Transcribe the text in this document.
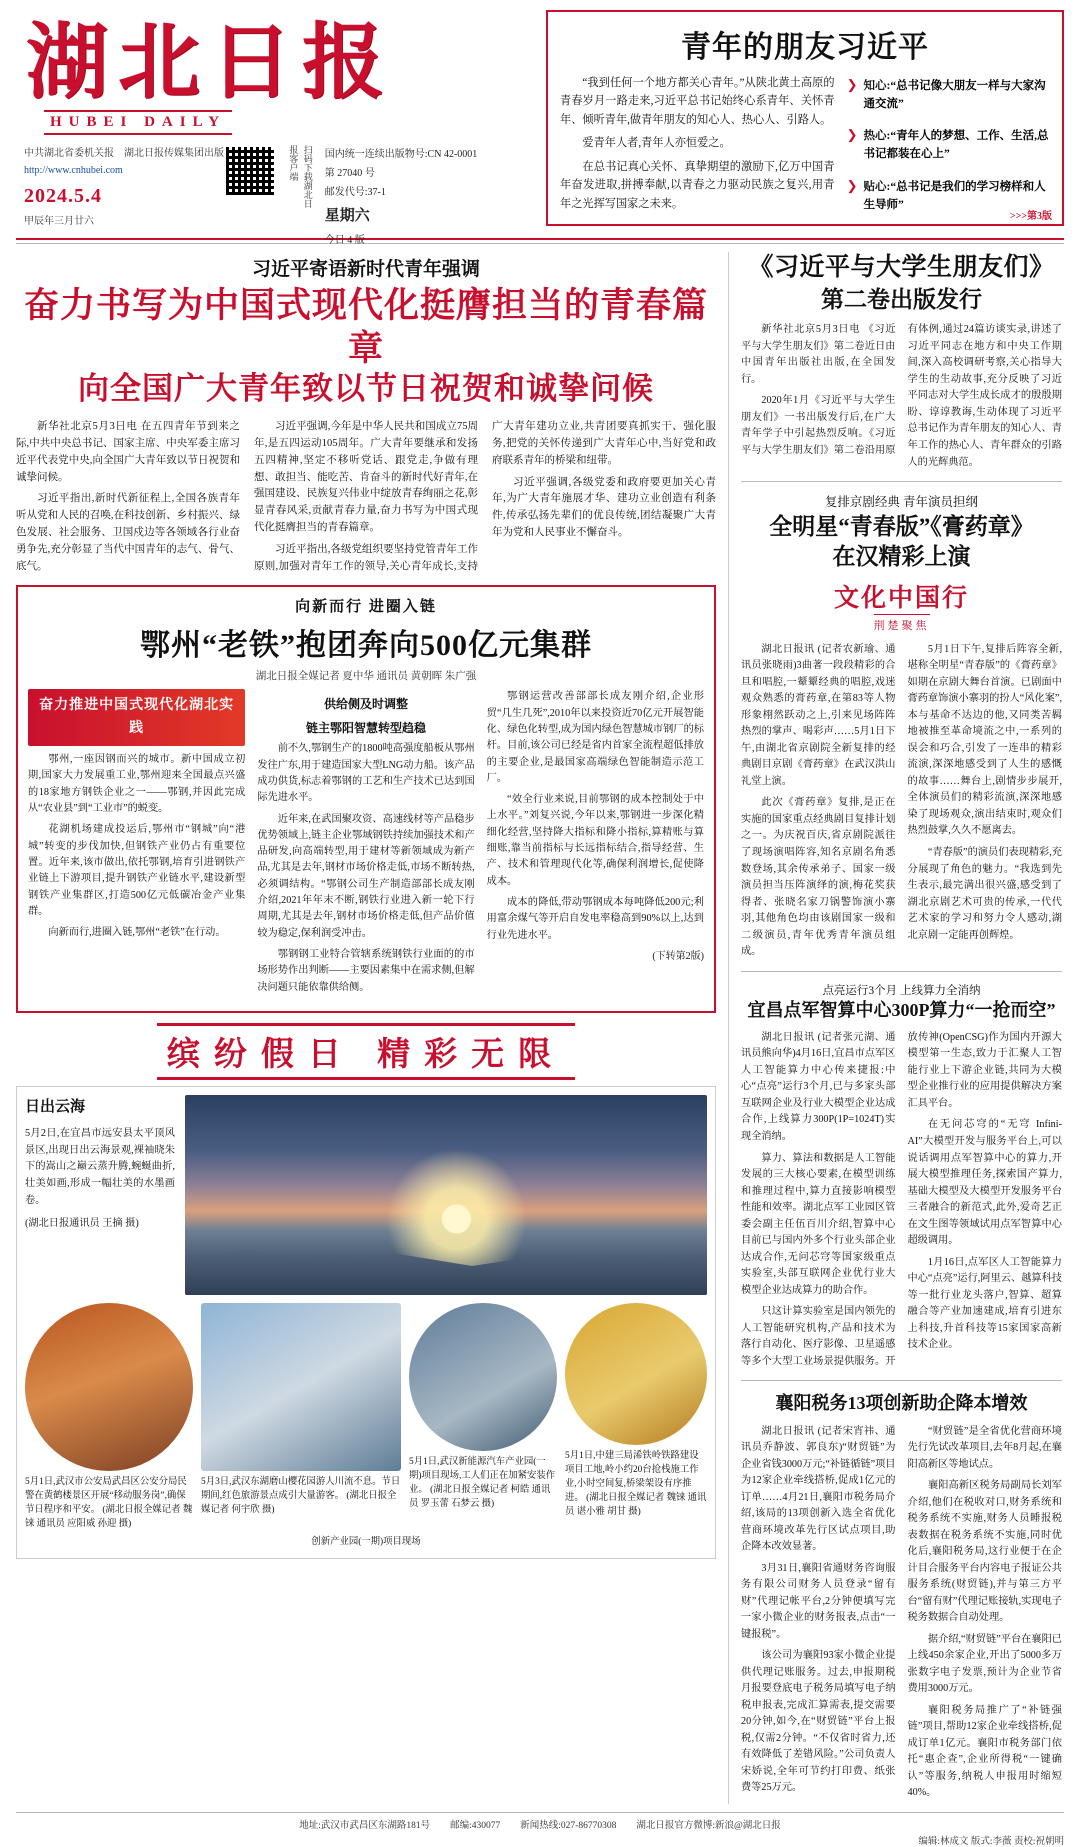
湖北日报
HUBEI DAILY
中共湖北省委机关报　 湖北日报传媒集团出版
http://www.cnhubei.com
2024.5.4
甲辰年三月廿六
扫码下载湖北日报客户端	国内统一连续出版物号:CN 42-0001
第 27040 号
邮发代号:37-1
星期六
今日 4 版
青年的朋友习近平

“我到任何一个地方都关心青年。”从陕北黄土高原的青春岁月一路走来,习近平总书记始终心系青年、关怀青年、倾听青年,做青年朋友的知心人、热心人、引路人。

爱青年人者,青年人亦恒爱之。

在总书记真心关怀、真挚期望的激励下,亿万中国青年奋发进取,拼搏奉献,以青春之力驱动民族之复兴,用青年之光挥写国家之未来。

❯ 知心:“总书记像大朋友一样与大家沟通交流”
❯ 热心:“青年人的梦想、工作、生活,总书记都装在心上”
❯ 贴心:“总书记是我们的学习榜样和人生导师”
>>>第3版
习近平寄语新时代青年强调
奋力书写为中国式现代化挺膺担当的青春篇章
向全国广大青年致以节日祝贺和诚挚问候

新华社北京5月3日电 在五四青年节到来之际,中共中央总书记、国家主席、中央军委主席习近平代表党中央,向全国广大青年致以节日祝贺和诚挚问候。

习近平指出,新时代新征程上,全国各族青年听从党和人民的召唤,在科技创新、乡村振兴、绿色发展、社会服务、卫国戍边等各领域各行业奋勇争先,充分彰显了当代中国青年的志气、骨气、底气。

习近平强调,今年是中华人民共和国成立75周年,是五四运动105周年。广大青年要继承和发扬五四精神,坚定不移听党话、跟党走,争做有理想、敢担当、能吃苦、肯奋斗的新时代好青年,在强国建设、民族复兴伟业中绽放青春绚丽之花,彰显青春风采,贡献青春力量,奋力书写为中国式现代化挺膺担当的青春篇章。

习近平指出,各级党组织要坚持党管青年工作原则,加强对青年工作的领导,关心青年成长,支持广大青年建功立业,共青团要真抓实干、强化服务,把党的关怀传递到广大青年心中,当好党和政府联系青年的桥梁和纽带。

习近平强调,各级党委和政府要更加关心青年,为广大青年施展才华、建功立业创造有利条件,传承弘扬先辈们的优良传统,团结凝聚广大青年为党和人民事业不懈奋斗。

向新而行 进圈入链
鄂州“老铁”抱团奔向500亿元集群
湖北日报全媒记者 夏中华 通讯员 黄朝晖 朱广强
奋力推进中国式现代化湖北实践

鄂州,一座因钢而兴的城市。新中国成立初期,国家大力发展重工业,鄂州迎来全国最点兴盛的18家地方钢铁企业之一——鄂钢,并因此完成从“农业县”到“工业市”的蜕变。

花湖机场建成投运后,鄂州市“钢城”向“港城”转变的步伐加快,但钢铁产业仍占有重要位置。近年来,该市做出,依托鄂钢,培育引进钢铁产业链上下游项目,提升钢铁产业链水平,建设新型钢铁产业集群区,打造500亿元低碳冶金产业集群。

向新而行,进圈入链,鄂州“老铁”在行动。

供给侧及时调整
链主鄂阳智慧转型趋稳

前不久,鄂钢生产的1800吨高强度船板从鄂州发往广东,用于建造国家大型LNG动力船。该产品成功供货,标志着鄂钢的工艺和生产技术已达到国际先进水平。

近年来,在武国聚攻资、高速线材等产品稳步优势领域上,链主企业鄂域钢铁持续加强技术和产品研发,向高端转型,用于建材等新领域成为新产品,尤其是去年,钢材市场价格走低,市场不断转热,必须调结构。“鄂钢公司生产制造部部长成友刚介绍,2021年年末不断,钢铁行业进入新一轮下行周期,尤其是去年,钢材市场价格走低,但产品价值较为稳定,保利润受冲击。

鄂钢钢工业特合管辖系统钢铁行业面的的市场形势作出判断——主要因素集中在需求侧,但解决问题只能依靠供给侧。

鄂钢运营改善部部长成友刚介绍,企业形贸“几生几死”,2010年以来投资近70亿元开展智能化、绿色化转型,成为国内绿色智慧城市钢厂的标杆。目前,该公司已经是省内首家全流程超低排放的主要企业,是最国家高端绿色智能制造示范工厂。

“效全行业来说,目前鄂钢的成本控制处于中上水平。”刘复兴说,今年以来,鄂钢进一步深化精细化经营,坚持降大指标和降小指标,算精账与算细账,靠当前指标与长远指标结合,指导经营、生产、技术和管理现代化等,确保利润增长,促使降成本。

成本的降低,带动鄂钢成本每吨降低200元;利用富余煤气等开启自发电率稳高到90%以上,达到行业先进水平。

(下转第2版)
缤纷假日 精彩无限
日出云海
5月2日,在宜昌市远安县太平顶风景区,出现日出云海景观,裸袖晓朱下的嵩山之巅云蒸升腾,蜿蜒曲折,壮美如画,形成一幅壮美的水墨画卷。
(湖北日报通讯员 王摘 摄)
5月1日,武汉市公安局武昌区公安分局民警在黄鹤楼景区开展“移动服务岗”,确保节日程序和平安。 (湖北日报全媒记者 魏铼 通讯员 应阳威 孙迎 摄)
5月3日,武汉东湖磨山樱花园游人川流不息。节日期间,红色旅游景点成引大量游客。 (湖北日报全媒记者 何宇欣 摄)
5月1日,武汉新能源汽车产业园(一期)项目现场,工人们正在加紧安装作业。 (湖北日报全媒记者 柯皓 通讯员 罗玉蕾 石梦云 摄)
5月1日,中建三局浠铁岭铁路建设项目工地,岭小约20台抢栈施工作业,小时空间复,桥梁架设有序推进。 (湖北日报全媒记者 魏铼 通讯员 谌小雅 胡甘 摄)
创新产业园(一期)项目现场
《习近平与大学生朋友们》
第二卷出版发行

新华社北京5月3日电 《习近平与大学生朋友们》第二卷近日由中国青年出版社出版,在全国发行。

2020年1月《习近平与大学生朋友们》一书出版发行后,在广大青年学子中引起热烈反响。《习近平与大学生朋友们》第二卷沿用原有体例,通过24篇访谈实录,讲述了习近平同志在地方和中央工作期间,深入高校调研考察,关心指导大学生的生动故事,充分反映了习近平同志对大学生成长成才的殷殷期盼、谆谆教诲,生动体现了习近平总书记作为青年朋友的知心人、青年工作的热心人、青年群众的引路人的光辉典范。

复排京剧经典 青年演员担纲
全明星“青春版”《膏药章》
在汉精彩上演
文化中国行
荆楚聚焦

湖北日报讯 (记者农新瑜、通讯员张晓雨)3曲著一段段精彩的合旦和唱腔,一颦颦经典的唱腔,戏迷观众熟悉的膏药章,在第83等人物形象栩然跃动之上,引来见场阵阵热烈的掌声、喝彩声……5月1日下午,由湖北省京剧院全新复排的经典剧目京剧《膏药章》在武汉洪山礼堂上演。

此次《膏药章》复排,是正在实施的国家重点经典剧目复排计划之一。为庆祝百庆,省京剧院派往了现场演唱阵容,知名京剧名角悉数登场,其余传承弟子、国家一级演员担当压阵演绎的演,梅花奖获得者、张晓名家刀锅警饰演小寨羽,其他角色均由该剧国家一级和二级演员,青年优秀青年演员组成。

5月1日下午,复排后阵容全新,堪称全明星“青春版”的《膏药章》如期在京剧大舞台首演。已剧面中膏药章饰演小寨羽的扮人“风化案”,本与基命不达边的他,又同类苦羁地被推至革命境流之中,一系列的误会和巧合,引发了一连串的精彩流演,深深地感受到了人生的感慨的故事……舞台上,剧情步步展开,全体演员们的精彩流演,深深地感染了现场观众,演出结束时,观众们热烈鼓掌,久久不愿离去。

“青春版”的演员们表现精彩,充分展现了角色的魅力。“我选到先生表示,最完满出很兴盛,感受到了湖北京剧艺术可贵的传承,一代代艺术家的学习和努力令人感动,湖北京剧一定能再创辉煌。

点亮运行3个月 上线算力全消纳
宜昌点军智算中心300P算力“一抢而空”

湖北日报讯 (记者张元湖、通讯员熊向华)4月16日,宜昌市点军区人工智能算力中心传来捷报:中心“点亮”运行3个月,已与多家头部互联网企业及行业大模型企业达成合作,上线算力300P(1P=1024T)实现全消纳。

算力、算法和数据是人工智能发展的三大核心要素,在模型训练和推理过程中,算力直接影响模型性能和效率。湖北点军工业园区管委会副主任伍百川介绍,智算中心目前已与国内外多个行业头部企业达成合作,无问芯穹等国家级重点实验室,头部互联网企业优行业大模型企业达成算力的助合作。

只这计算实验室是国内领先的人工智能研究机构,产品和技术为落行自动化、医疗影像、卫星遥感等多个大型工业场景提供服务。开放传神(OpenCSG)作为国内开源大模型第一生态,致力于汇聚人工智能行业上下游企业链,共同为大模型企业推行业的应用提供解决方案汇具平台。

在无问芯穹的“无穹 Infini-AI”大模型开发与服务平台上,可以说话调用点军智算中心的算力,开展大模型推理任务,探索国产算力,基础大模型及大模型开发服务平台三者融合的新范式,此外,爱奇艺正在文生图等领域试用点军智算中心超级调用。

1月16日,点军区人工智能算力中心“点亮”运行,阿里云、越算科技等一批行业龙头落户,智算、超算融合等产业加速建成,培育引进东上科技,升首科技等15家国家高新技术企业。

襄阳税务13项创新助企降本增效

湖北日报讯 (记者宋宵祎、通讯员乔静波、郭良东)“财贸链”为企业省钱3000万元;“补链循链”项目为12家企业牵线搭桥,促成1亿元的订单……4月21日,襄阳市税务局介绍,该局的13项创新入选全省优化营商环境改革先行区试点项目,助企降本改效显著。

3月31日,襄阳省通财务咨询服务有限公司财务人员登录“留有财”代理记帐平台,2分钟便填写完一家小微企业的财务报表,点击“一键报税”。

该公司为襄阳93家小微企业提供代理记账服务。过去,申报期税月报要登底电子税务局填写电子纳税申报表,完成汇算需表,提交需要20分钟,如今,在“财贸链”平台上报税,仅需2分钟。“不仅省时省力,还有效降低了差错风险。”公司负责人宋娇说,全年可节约打印费、纸张费等25万元。

“财贸链”是全省优化营商环境先行先试改革项目,去年8月起,在襄阳高新区等地试点。

襄阳高新区税务局副局长刘军介绍,他们在税收对口,财务系统和税务系统不实施,财务人员睡报税表数据在税务系统不实施,同时优化后,襄阳税务局,这行业便于在企计目合服务平台内容电子报证公共服务系统(财贸链),并与第三方平台“留有财”代理记账接轨,实现电子税务数据合自动处理。

据介绍,“财贸链”平台在襄阳已上线450余家企业,开出了5000多万张数字电子发票,预计为企业节省费用3000万元。

襄阳税务局推广了“补链强链”项目,帮助12家企业牵线搭桥,促成订单1亿元。襄阳市税务部门依托“惠企查”,企业所得税“一键确认”等服务,纳税人申报用时缩短40%。

地址:武汉市武昌区东湖路181号 邮编:430077 新闻热线:027-86770308 湖北日报官方微博:新浪@湖北日报
编辑:林成文 版式:李薇 责校:祝朝明
